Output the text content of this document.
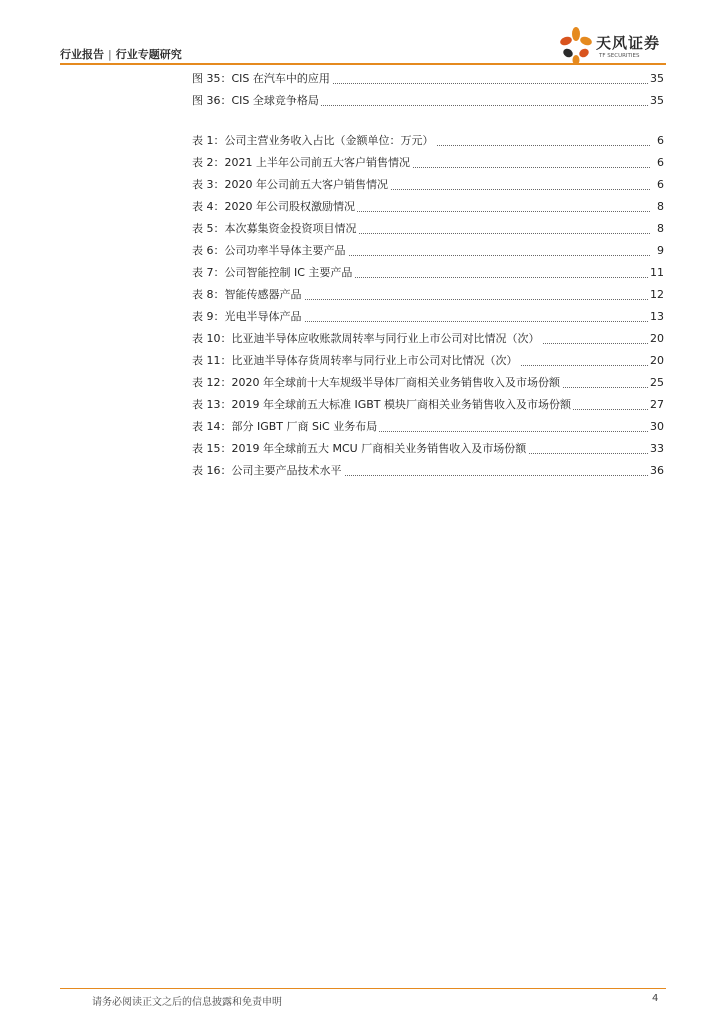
行业报告 | 行业专题研究
天风证券
TF SECURITIES
图 35：CIS 在汽车中的应用	35
图 36：CIS 全球竞争格局	35
表 1：公司主营业务收入占比（金额单位：万元）	6
表 2：2021 上半年公司前五大客户销售情况	6
表 3：2020 年公司前五大客户销售情况	6
表 4：2020 年公司股权激励情况	8
表 5：本次募集资金投资项目情况	8
表 6：公司功率半导体主要产品	9
表 7：公司智能控制 IC 主要产品	11
表 8：智能传感器产品	12
表 9：光电半导体产品	13
表 10：比亚迪半导体应收账款周转率与同行业上市公司对比情况（次）	20
表 11：比亚迪半导体存货周转率与同行业上市公司对比情况（次）	20
表 12：2020 年全球前十大车规级半导体厂商相关业务销售收入及市场份额	25
表 13：2019 年全球前五大标准 IGBT 模块厂商相关业务销售收入及市场份额	27
表 14：部分 IGBT 厂商 SiC 业务布局	30
表 15：2019 年全球前五大 MCU 厂商相关业务销售收入及市场份额	33
表 16：公司主要产品技术水平	36
请务必阅读正文之后的信息披露和免责申明	4
